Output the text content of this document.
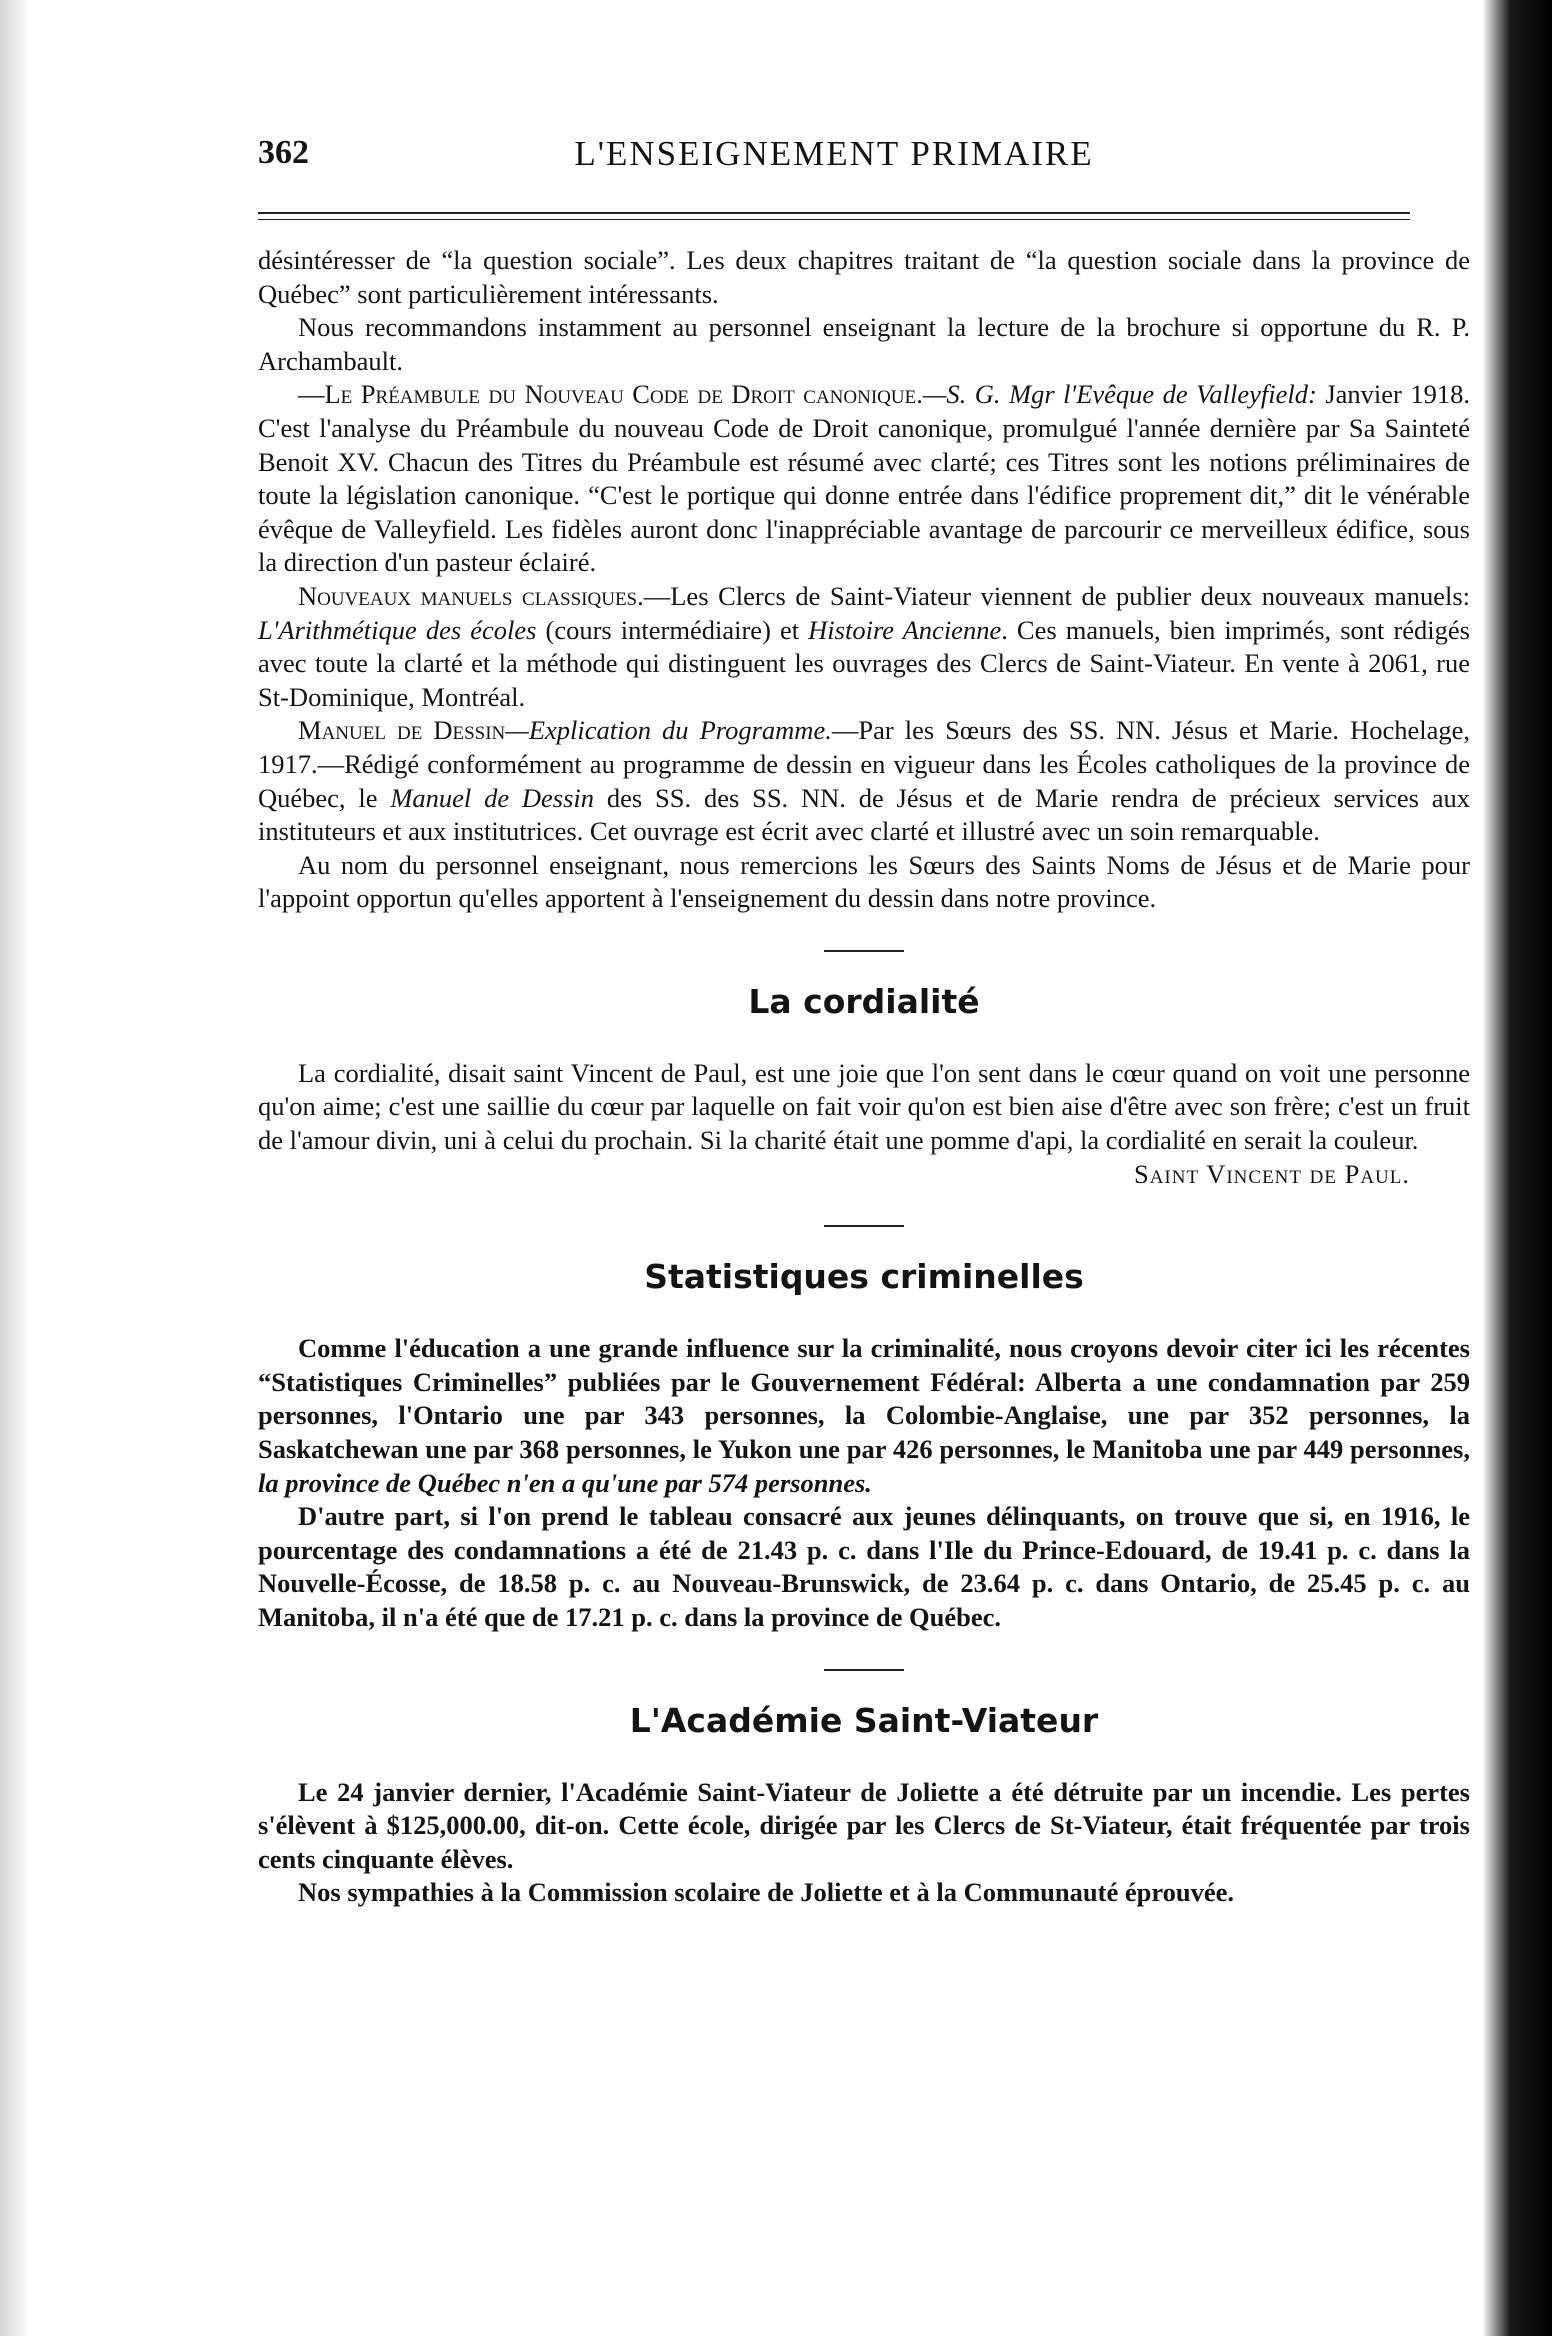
362	L'ENSEIGNEMENT PRIMAIRE

désintéresser de “la question sociale”. Les deux chapitres traitant de “la question sociale dans la province de Québec” sont particulièrement intéressants.

Nous recommandons instamment au personnel enseignant la lecture de la brochure si opportune du R. P. Archambault.

—Le Préambule du Nouveau Code de Droit canonique.—S. G. Mgr l'Evêque de Valleyfield: Janvier 1918. C'est l'analyse du Préambule du nouveau Code de Droit canonique, promulgué l'année dernière par Sa Sainteté Benoit XV. Chacun des Titres du Préambule est résumé avec clarté; ces Titres sont les notions préliminaires de toute la législation canonique. “C'est le portique qui donne entrée dans l'édifice proprement dit,” dit le vénérable évêque de Valleyfield. Les fidèles auront donc l'inappréciable avantage de parcourir ce merveilleux édifice, sous la direction d'un pasteur éclairé.

Nouveaux manuels classiques.—Les Clercs de Saint-Viateur viennent de publier deux nouveaux manuels: L'Arithmétique des écoles (cours intermédiaire) et Histoire Ancienne. Ces manuels, bien imprimés, sont rédigés avec toute la clarté et la méthode qui distinguent les ouvrages des Clercs de Saint-Viateur. En vente à 2061, rue St-Dominique, Montréal.

Manuel de Dessin—Explication du Programme.—Par les Sœurs des SS. NN. Jésus et Marie. Hochelage, 1917.—Rédigé conformément au programme de dessin en vigueur dans les Écoles catholiques de la province de Québec, le Manuel de Dessin des SS. des SS. NN. de Jésus et de Marie rendra de précieux services aux instituteurs et aux institutrices. Cet ouvrage est écrit avec clarté et illustré avec un soin remarquable.

Au nom du personnel enseignant, nous remercions les Sœurs des Saints Noms de Jésus et de Marie pour l'appoint opportun qu'elles apportent à l'enseignement du dessin dans notre province.

La cordialité

La cordialité, disait saint Vincent de Paul, est une joie que l'on sent dans le cœur quand on voit une personne qu'on aime; c'est une saillie du cœur par laquelle on fait voir qu'on est bien aise d'être avec son frère; c'est un fruit de l'amour divin, uni à celui du prochain. Si la charité était une pomme d'api, la cordialité en serait la couleur.

Saint Vincent de Paul.

Statistiques criminelles

Comme l'éducation a une grande influence sur la criminalité, nous croyons devoir citer ici les récentes “Statistiques Criminelles” publiées par le Gouvernement Fédéral: Alberta a une condamnation par 259 personnes, l'Ontario une par 343 personnes, la Colombie-Anglaise, une par 352 personnes, la Saskatchewan une par 368 personnes, le Yukon une par 426 personnes, le Manitoba une par 449 personnes, la province de Québec n'en a qu'une par 574 personnes.

D'autre part, si l'on prend le tableau consacré aux jeunes délinquants, on trouve que si, en 1916, le pourcentage des condamnations a été de 21.43 p. c. dans l'Ile du Prince-Edouard, de 19.41 p. c. dans la Nouvelle-Écosse, de 18.58 p. c. au Nouveau-Brunswick, de 23.64 p. c. dans Ontario, de 25.45 p. c. au Manitoba, il n'a été que de 17.21 p. c. dans la province de Québec.

L'Académie Saint-Viateur

Le 24 janvier dernier, l'Académie Saint-Viateur de Joliette a été détruite par un incendie. Les pertes s'élèvent à $125,000.00, dit-on. Cette école, dirigée par les Clercs de St-Viateur, était fréquentée par trois cents cinquante élèves.

Nos sympathies à la Commission scolaire de Joliette et à la Communauté éprouvée.
